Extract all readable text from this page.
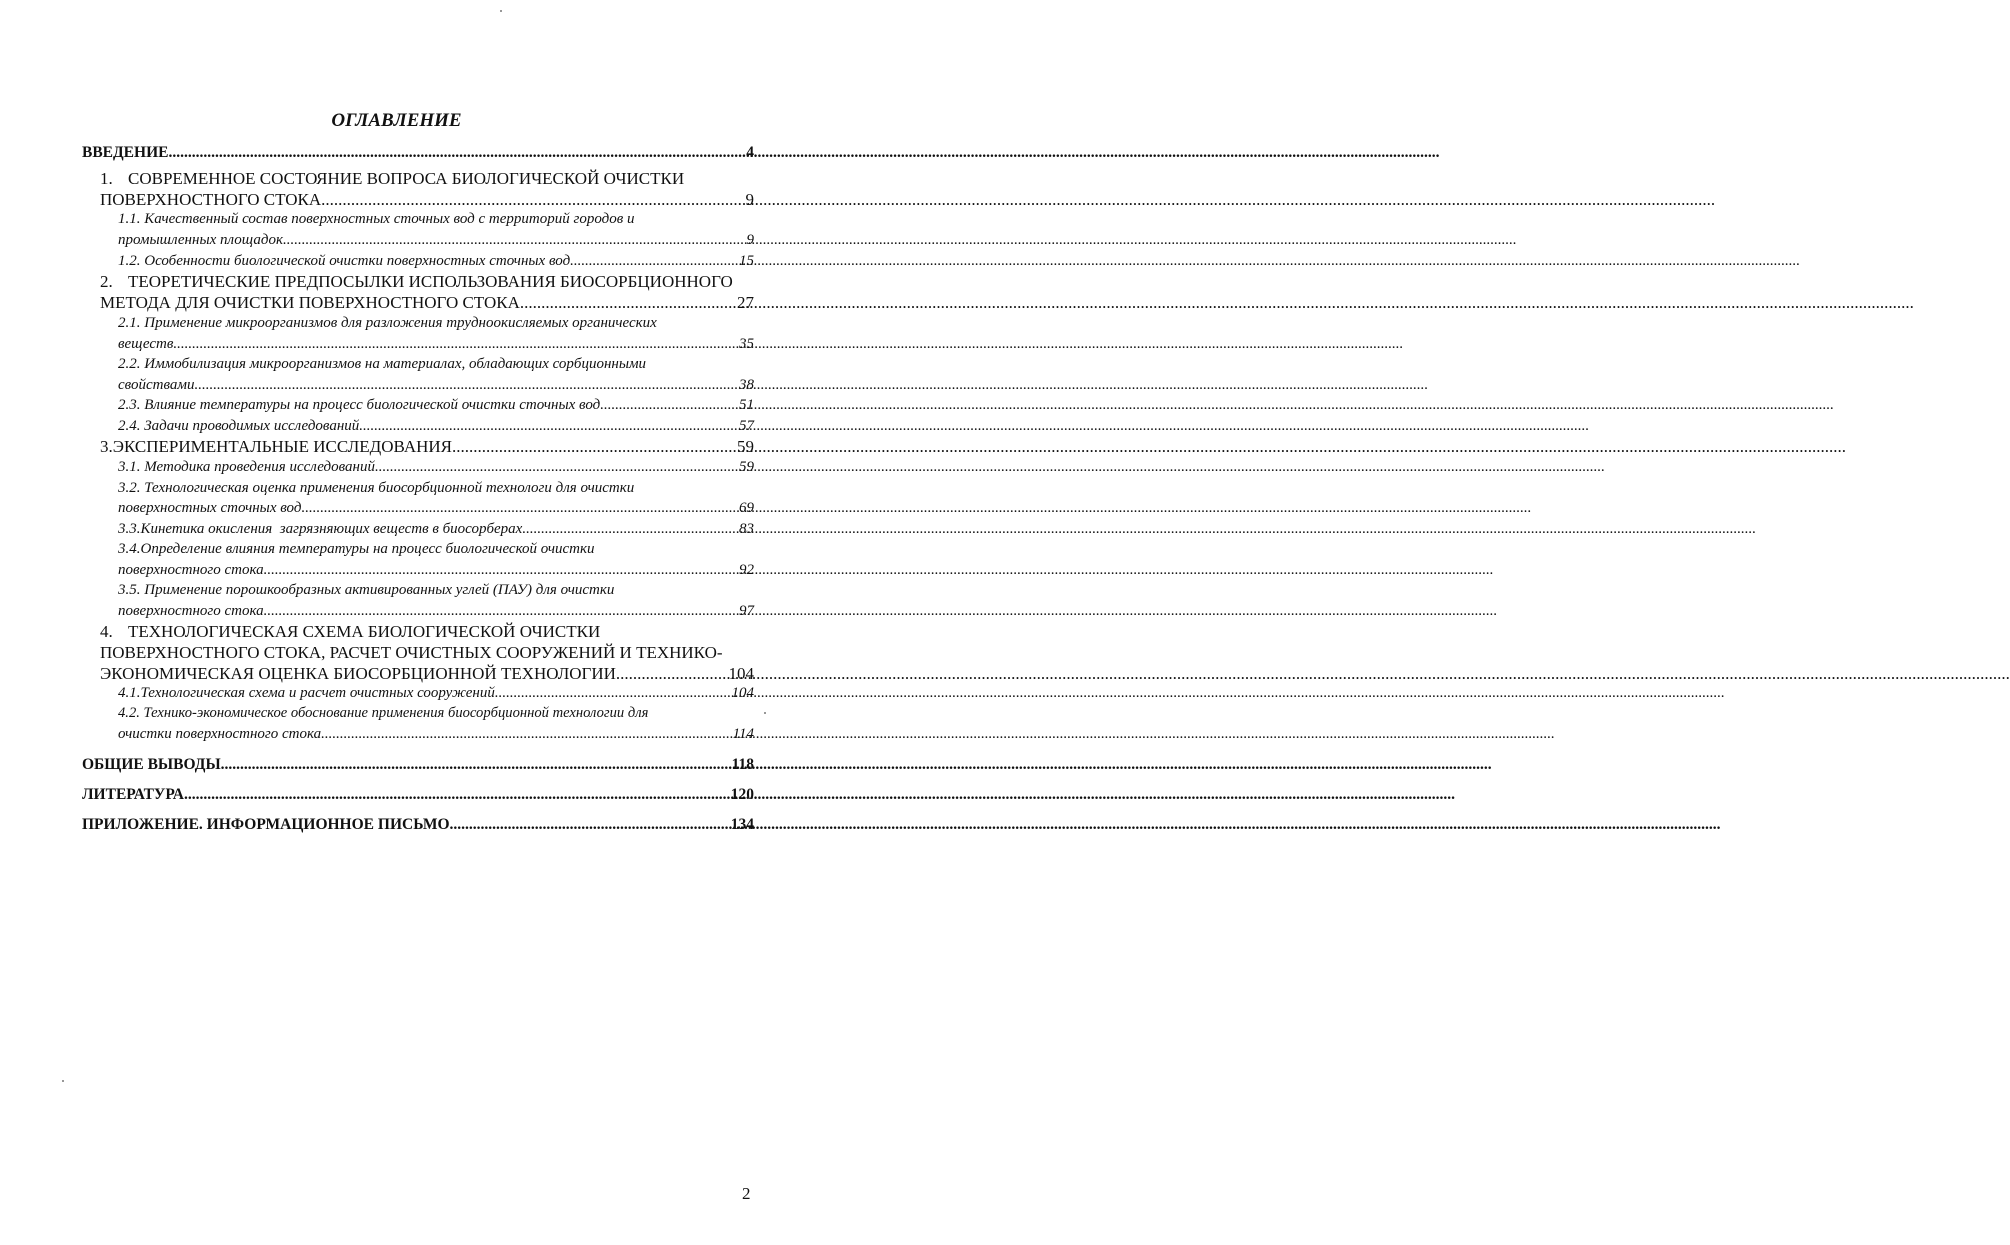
ОГЛАВЛЕНИЕ
ВВЕДЕНИЕ .....	4
1. СОВРЕМЕННОЕ СОСТОЯНИЕ ВОПРОСА БИОЛОГИЧЕСКОЙ ОЧИСТКИ
ПОВЕРХНОСТНОГО СТОКА .....	9
1.1. Качественный состав поверхностных сточных вод с территорий городов и
промышленных площадок. .....	9
1.2. Особенности биологической очистки поверхностных сточных вод .....	15
2. ТЕОРЕТИЧЕСКИЕ ПРЕДПОСЫЛКИ ИСПОЛЬЗОВАНИЯ БИОСОРБЦИОННОГО
МЕТОДА ДЛЯ ОЧИСТКИ ПОВЕРХНОСТНОГО СТОКА .....	27
2.1. Применение микроорганизмов для разложения трудноокисляемых органических
веществ .....	35
2.2. Иммобилизация микроорганизмов на материалах, обладающих сорбционными
свойствами. .....	38
2.3. Влияние температуры на процесс биологической очистки сточных вод. .....	51
2.4. Задачи проводимых исследований .....	57
3. ЭКСПЕРИМЕНТАЛЬНЫЕ ИССЛЕДОВАНИЯ .....	59
3.1. Методика проведения исследований .....	59
3.2. Технологическая оценка применения биосорбционной технологи для очистки
поверхностных сточных вод .....	69
3.3.Кинетика окисления  загрязняющих веществ в биосорберах. .....	83
3.4.Определение влияния температуры на процесс биологической очистки
поверхностного стока .....	92
3.5. Применение порошкообразных активированных углей (ПАУ) для очистки
поверхностного стока. .....	97
4. ТЕХНОЛОГИЧЕСКАЯ СХЕМА БИОЛОГИЧЕСКОЙ ОЧИСТКИ
ПОВЕРХНОСТНОГО СТОКА, РАСЧЕТ ОЧИСТНЫХ СООРУЖЕНИЙ И ТЕХНИКО-
ЭКОНОМИЧЕСКАЯ ОЦЕНКА БИОСОРБЦИОННОЙ ТЕХНОЛОГИИ .....	104
4.1.Технологическая схема и расчет очистных сооружений .....	104
4.2. Технико-экономическое обоснование применения биосорбционной технологии для
очистки поверхностного стока. .....	114
ОБЩИЕ ВЫВОДЫ .....	118
ЛИТЕРАТУРА .....	120
ПРИЛОЖЕНИЕ. ИНФОРМАЦИОННОЕ ПИСЬМО .....	134
2
